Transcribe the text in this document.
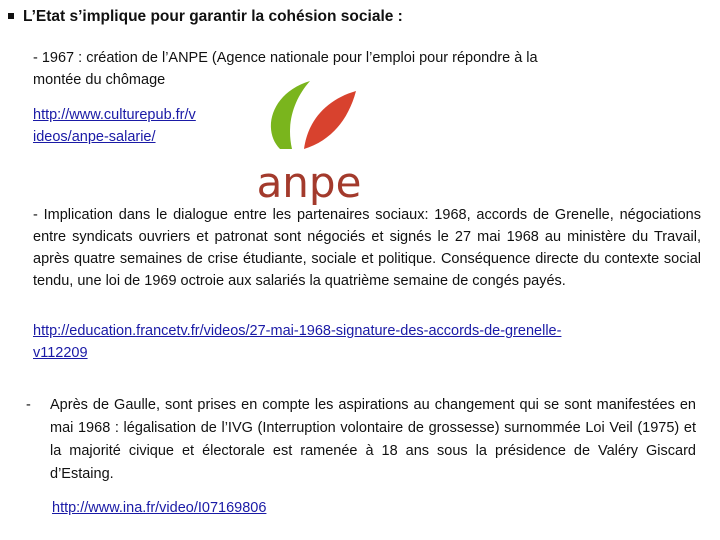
L’Etat s’implique pour garantir la cohésion sociale :
- 1967 : création de l’ANPE (Agence nationale pour l’emploi pour répondre à la
montée du chômage
http://www.culturepub.fr/v
ideos/anpe-salarie/
anpe
- Implication dans le dialogue entre les partenaires sociaux: 1968, accords de Grenelle, négociations entre syndicats ouvriers et patronat sont négociés et signés le 27 mai 1968 au ministère du Travail, après quatre semaines de crise étudiante, sociale et politique. Conséquence directe du contexte social tendu, une loi de 1969 octroie aux salariés la quatrième semaine de congés payés.
http://education.francetv.fr/videos/27-mai-1968-signature-des-accords-de-grenelle-
v112209
- Après de Gaulle, sont prises en compte les aspirations au changement qui se sont manifestées en mai 1968 : légalisation de l’IVG (Interruption volontaire de grossesse) surnommée Loi Veil (1975) et la majorité civique et électorale est ramenée à 18 ans sous la présidence de Valéry Giscard d’Estaing.
http://www.ina.fr/video/I07169806
